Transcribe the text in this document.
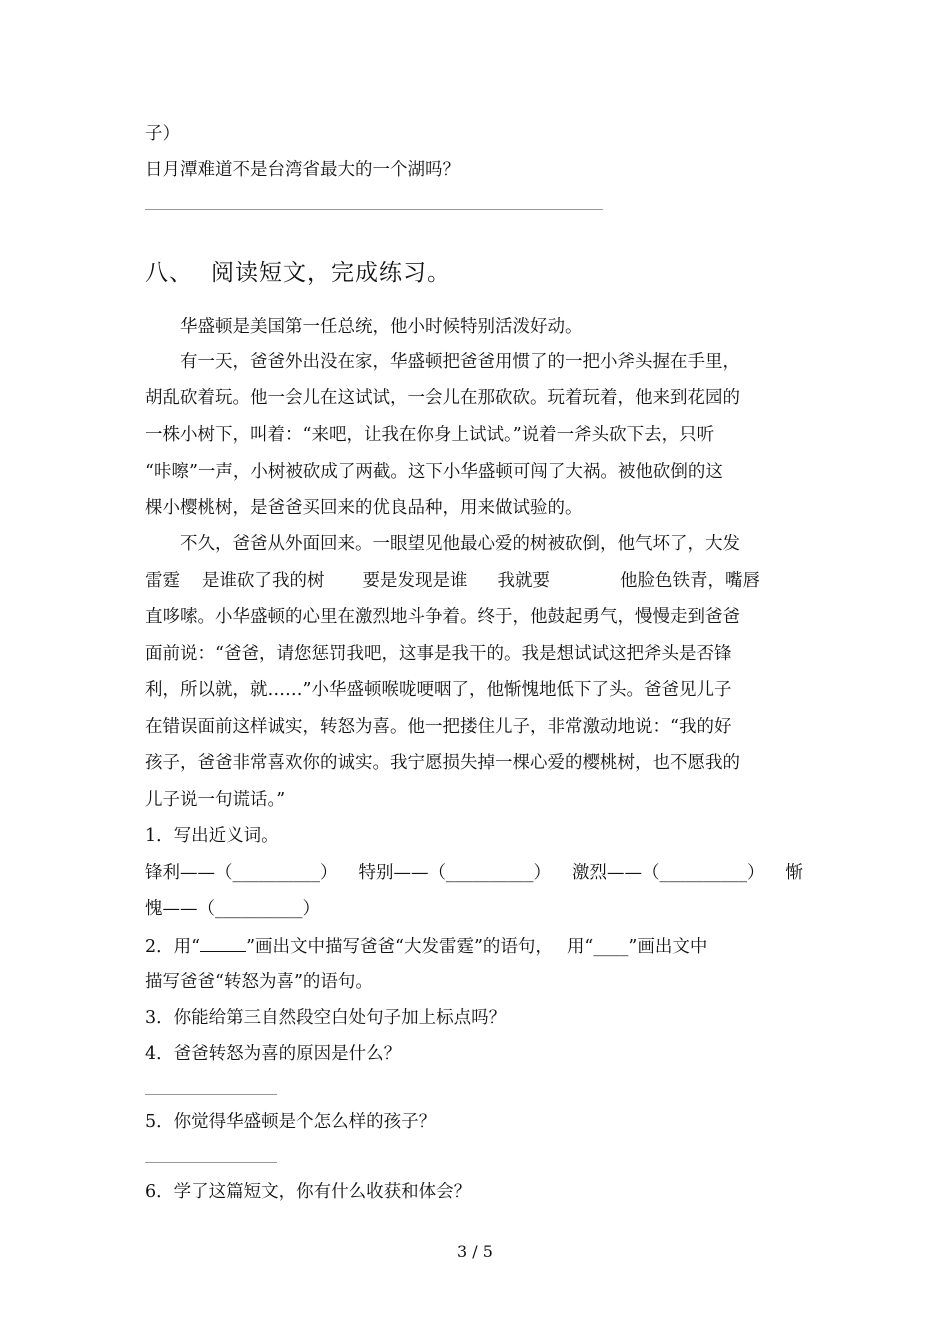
子）
日月潭难道不是台湾省最大的一个湖吗？
八、 阅读短文，完成练习。
华盛顿是美国第一任总统，他小时候特别活泼好动。
有一天，爸爸外出没在家，华盛顿把爸爸用惯了的一把小斧头握在手里，
胡乱砍着玩。他一会儿在这试试，一会儿在那砍砍。玩着玩着，他来到花园的
一株小树下，叫着：“来吧，让我在你身上试试。”说着一斧头砍下去，只听
“咔嚓”一声，小树被砍成了两截。这下小华盛顿可闯了大祸。被他砍倒的这
棵小樱桃树，是爸爸买回来的优良品种，用来做试验的。
不久，爸爸从外面回来。一眼望见他最心爱的树被砍倒，他气坏了，大发
雷霆 是谁砍了我的树 要是发现是谁 我就要	他脸色铁青，嘴唇
直哆嗦。小华盛顿的心里在激烈地斗争着。终于，他鼓起勇气，慢慢走到爸爸
面前说：“爸爸，请您惩罚我吧，这事是我干的。我是想试试这把斧头是否锋
利，所以就，就……”小华盛顿喉咙哽咽了，他惭愧地低下了头。爸爸见儿子
在错误面前这样诚实，转怒为喜。他一把搂住儿子，非常激动地说：“我的好
孩子，爸爸非常喜欢你的诚实。我宁愿损失掉一棵心爱的樱桃树，也不愿我的
儿子说一句谎话。”
1．写出近义词。
锋利——（__________） 特别——（__________） 激烈——（__________） 惭
愧——（__________）
2．用“	”画出文中描写爸爸“大发雷霆”的语句， 用“____”画出文中
描写爸爸“转怒为喜”的语句。
3．你能给第三自然段空白处句子加上标点吗？
4．爸爸转怒为喜的原因是什么？
5．你觉得华盛顿是个怎么样的孩子？
6．学了这篇短文，你有什么收获和体会？
3 / 5
